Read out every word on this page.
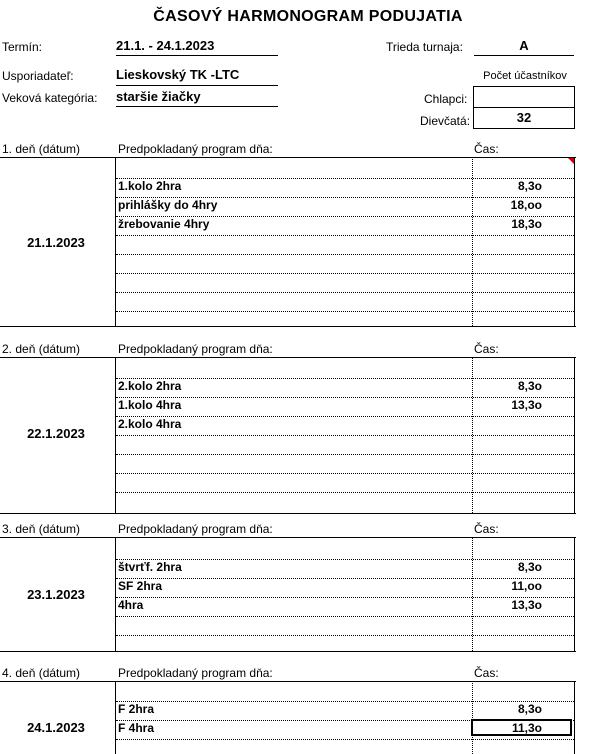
ČASOVÝ HARMONOGRAM PODUJATIA
Termín:	21.1. - 24.1.2023	Trieda turnaja:	A
Usporiadateľ:	Lieskovský TK -LTC	Počet účastníkov
Veková kategória: staršie žiačky	Chlapci:
Dievčatá:	32
1. deň (dátum)	Predpokladaný program dňa:	Čas:
21.1.2023
1.kolo 2hra	8,3o
prihlášky do 4hry	18,oo
žrebovanie 4hry	18,3o
2. deň (dátum)	Predpokladaný program dňa:	Čas:
22.1.2023
2.kolo 2hra	8,3o
1.kolo 4hra	13,3o
2.kolo 4hra
3. deň (dátum)	Predpokladaný program dňa:	Čas:
23.1.2023
štvrťf. 2hra	8,3o
SF 2hra	11,oo
4hra	13,3o
4. deň (dátum)	Predpokladaný program dňa:	Čas:
24.1.2023
F 2hra	8,3o
F 4hra	11,3o
